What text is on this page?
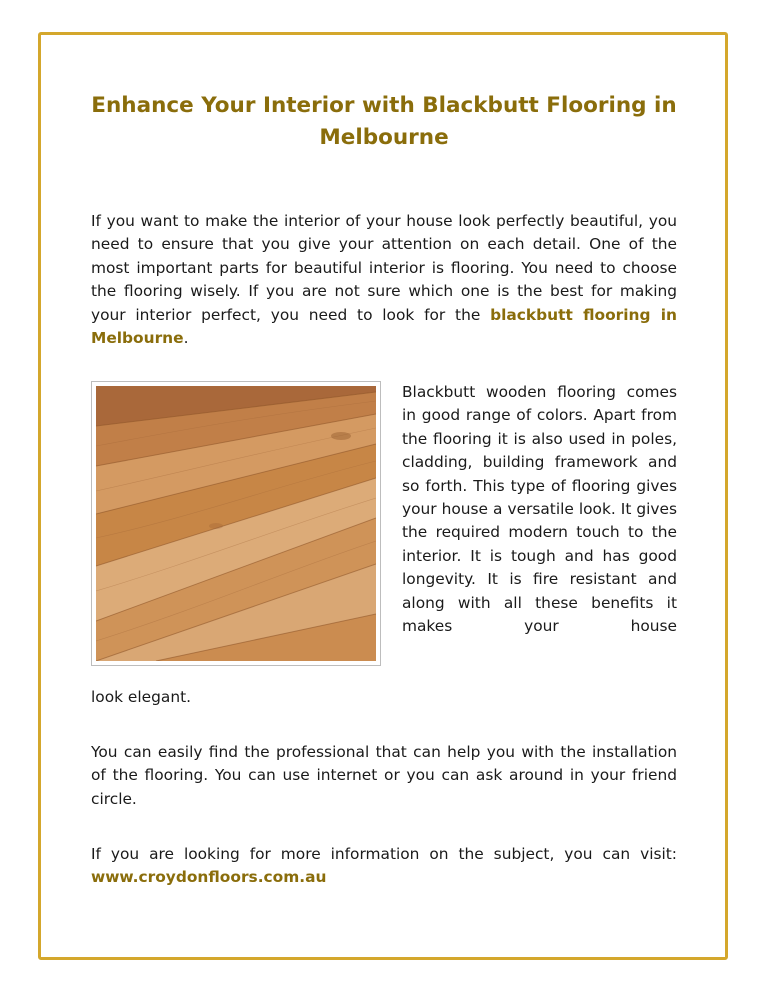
Enhance Your Interior with Blackbutt Flooring in Melbourne

If you want to make the interior of your house look perfectly beautiful, you need to ensure that you give your attention on each detail. One of the most important parts for beautiful interior is flooring. You need to choose the flooring wisely. If you are not sure which one is the best for making your interior perfect, you need to look for the blackbutt flooring in Melbourne.

Blackbutt wooden flooring comes in good range of colors. Apart from the flooring it is also used in poles, cladding, building framework and so forth. This type of flooring gives your house a versatile look. It gives the required modern touch to the interior. It is tough and has good longevity. It is fire resistant and along with all these benefits it makes your house

look elegant.

You can easily find the professional that can help you with the installation of the flooring. You can use internet or you can ask around in your friend circle.

If you are looking for more information on the subject, you can visit: www.croydonfloors.com.au
